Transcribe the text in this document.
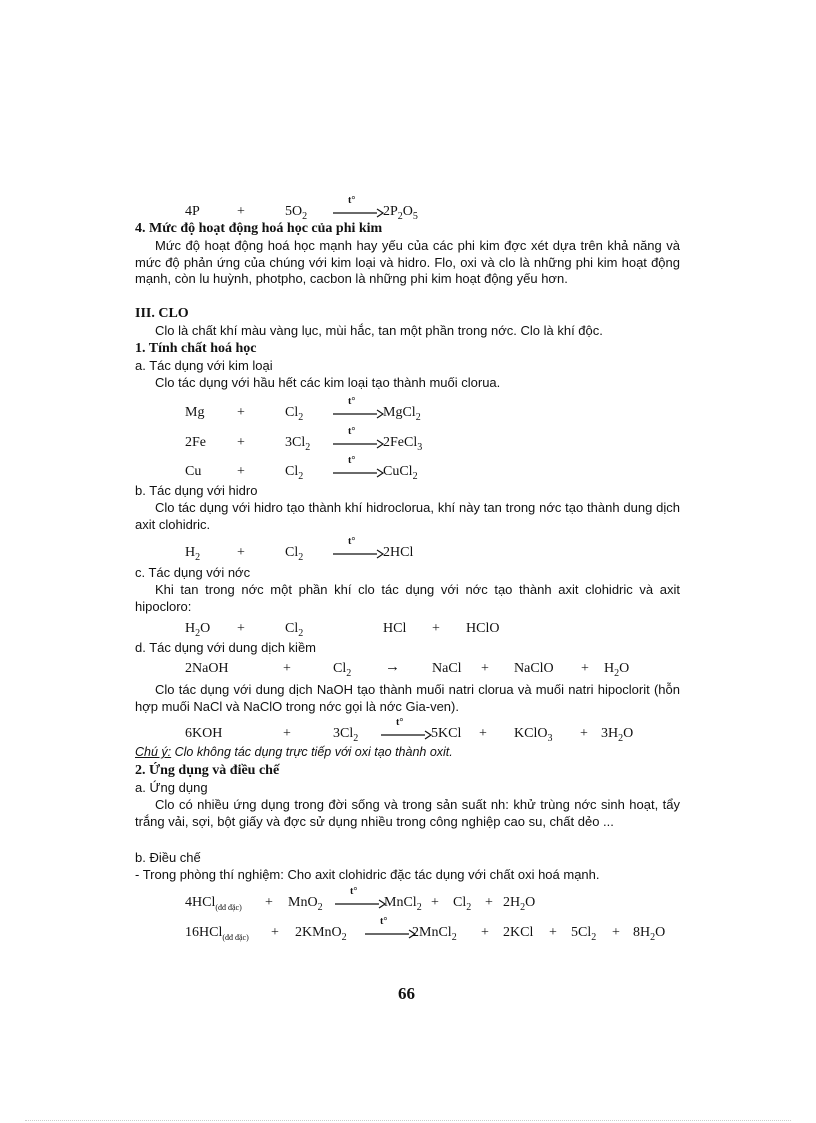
4P	+	$5O_2$
t°
$2P_2O_5$
4. Mức độ hoạt động hoá học của phi kim
Mức độ hoạt động hoá học mạnh hay yếu của các phi kim đợc xét dựa trên khả năng và mức độ phản ứng của chúng với kim loại và hidro. Flo, oxi và clo là những phi kim hoạt động mạnh, còn lu huỳnh, photpho, cacbon là những phi kim hoạt động yếu hơn.
III. CLO
Clo là chất khí màu vàng lục, mùi hắc, tan một phần trong nớc. Clo là khí độc.
1. Tính chất hoá học
a. Tác dụng với kim loại
Clo tác dụng với hầu hết các kim loại tạo thành muối clorua.
Mg +	$Cl_2$
t°
MgCl$_2$
2Fe +	$3Cl_2$
t°
2FeCl$_3$
Cu	+	$Cl_2$
t°
CuCl$_2$
b. Tác dụng với hidro
Clo tác dụng với hidro tạo thành khí hidroclorua, khí này tan trong nớc tạo thành dung dịch axit clohidric.
$H_2$	+	$Cl_2$
t°
2HCl
c. Tác dụng với nớc
Khi tan trong nớc một phần khí clo tác dụng với nớc tạo thành axit clohidric và axit hipocloro:
$H_2O$ +	$Cl_2$	HCl + HClO
d. Tác dụng với dung dịch kiềm
2NaOH	+	$Cl_2$ → NaCl + NaClO + $H_2O$
Clo tác dụng với dung dịch NaOH tạo thành muối natri clorua và muối natri hipoclorit (hỗn hợp muối NaCl và NaClO trong nớc gọi là nớc Gia-ven).
6KOH	+	$3Cl_2$
t°
5KCl + KClO$_3$ + $3H_2O$
Chú ý: Clo không tác dụng trực tiếp với oxi tạo thành oxit.
2. Ứng dụng và điều chế
a. Ứng dụng
Clo có nhiều ứng dụng trong đời sống và trong sản suất nh: khử trùng nớc sinh hoạt, tẩy trắng vải, sợi, bột giấy và đợc sử dụng nhiều trong công nghiệp cao su, chất dẻo ...
b. Điều chế
- Trong phòng thí nghiệm: Cho axit clohidric đặc tác dụng với chất oxi hoá mạnh.
4HCl$_{(đđ đặc)}$ + MnO$_2$
t°
MnCl$_2$ + $Cl_2 + 2H_2O$
16HCl$_{(đđ đặc)}$ + 2KMnO$_2$
t°
2MnCl$_2$ + $2KCl + 5Cl_2 + 8H_2O$
66
